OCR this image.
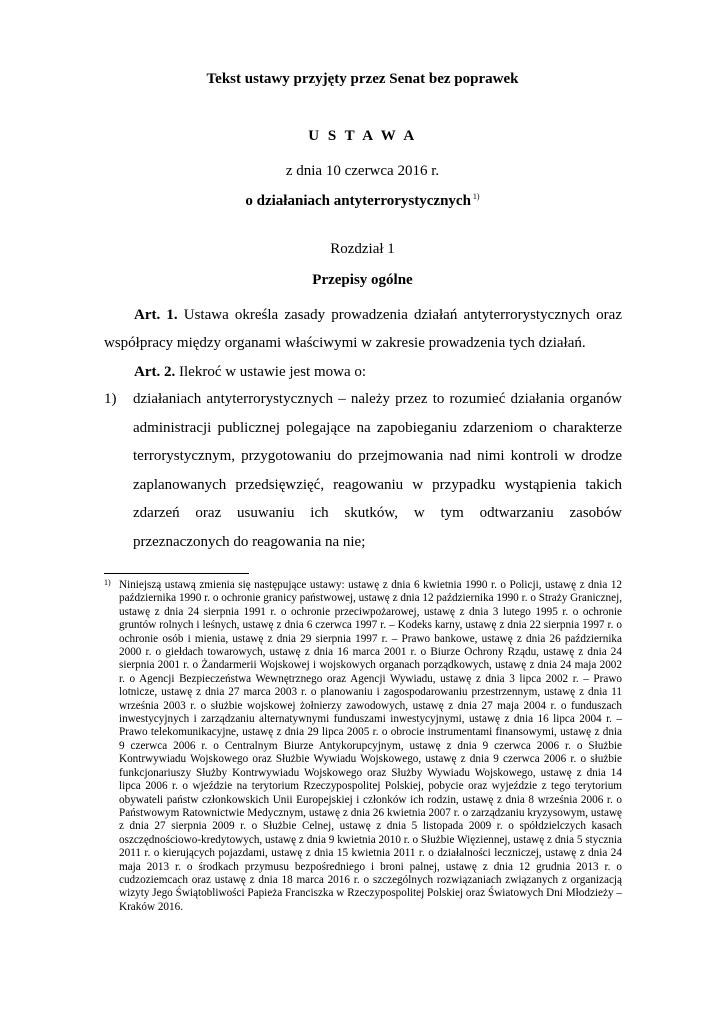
Tekst ustawy przyjęty przez Senat bez poprawek

U S T A W A

z dnia 10 czerwca 2016 r.

o działaniach antyterrorystycznych $^{1)}$

Rozdział 1

Przepisy ogólne

Art. 1. Ustawa określa zasady prowadzenia działań antyterrorystycznych oraz współpracy między organami właściwymi w zakresie prowadzenia tych działań.

Art. 2. Ilekroć w ustawie jest mowa o:

1) działaniach antyterrorystycznych – należy przez to rozumieć działania organów administracji publicznej polegające na zapobieganiu zdarzeniom o charakterze terrorystycznym, przygotowaniu do przejmowania nad nimi kontroli w drodze zaplanowanych przedsięwzięć, reagowaniu w przypadku wystąpienia takich zdarzeń oraz usuwaniu ich skutków, w tym odtwarzaniu zasobów przeznaczonych do reagowania na nie;

1) Niniejszą ustawą zmienia się następujące ustawy: ustawę z dnia 6 kwietnia 1990 r. o Policji, ustawę z dnia 12 października 1990 r. o ochronie granicy państwowej, ustawę z dnia 12 października 1990 r. o Straży Granicznej, ustawę z dnia 24 sierpnia 1991 r. o ochronie przeciwpożarowej, ustawę z dnia 3 lutego 1995 r. o ochronie gruntów rolnych i leśnych, ustawę z dnia 6 czerwca 1997 r. – Kodeks karny, ustawę z dnia 22 sierpnia 1997 r. o ochronie osób i mienia, ustawę z dnia 29 sierpnia 1997 r. – Prawo bankowe, ustawę z dnia 26 października 2000 r. o giełdach towarowych, ustawę z dnia 16 marca 2001 r. o Biurze Ochrony Rządu, ustawę z dnia 24 sierpnia 2001 r. o Żandarmerii Wojskowej i wojskowych organach porządkowych, ustawę z dnia 24 maja 2002 r. o Agencji Bezpieczeństwa Wewnętrznego oraz Agencji Wywiadu, ustawę z dnia 3 lipca 2002 r. – Prawo lotnicze, ustawę z dnia 27 marca 2003 r. o planowaniu i zagospodarowaniu przestrzennym, ustawę z dnia 11 września 2003 r. o służbie wojskowej żołnierzy zawodowych, ustawę z dnia 27 maja 2004 r. o funduszach inwestycyjnych i zarządzaniu alternatywnymi funduszami inwestycyjnymi, ustawę z dnia 16 lipca 2004 r. – Prawo telekomunikacyjne, ustawę z dnia 29 lipca 2005 r. o obrocie instrumentami finansowymi, ustawę z dnia 9 czerwca 2006 r. o Centralnym Biurze Antykorupcyjnym, ustawę z dnia 9 czerwca 2006 r. o Służbie Kontrwywiadu Wojskowego oraz Służbie Wywiadu Wojskowego, ustawę z dnia 9 czerwca 2006 r. o służbie funkcjonariuszy Służby Kontrwywiadu Wojskowego oraz Służby Wywiadu Wojskowego, ustawę z dnia 14 lipca 2006 r. o wjeździe na terytorium Rzeczypospolitej Polskiej, pobycie oraz wyjeździe z tego terytorium obywateli państw członkowskich Unii Europejskiej i członków ich rodzin, ustawę z dnia 8 września 2006 r. o Państwowym Ratownictwie Medycznym, ustawę z dnia 26 kwietnia 2007 r. o zarządzaniu kryzysowym, ustawę z dnia 27 sierpnia 2009 r. o Służbie Celnej, ustawę z dnia 5 listopada 2009 r. o spółdzielczych kasach oszczędnościowo-kredytowych, ustawę z dnia 9 kwietnia 2010 r. o Służbie Więziennej, ustawę z dnia 5 stycznia 2011 r. o kierujących pojazdami, ustawę z dnia 15 kwietnia 2011 r. o działalności leczniczej, ustawę z dnia 24 maja 2013 r. o środkach przymusu bezpośredniego i broni palnej, ustawę z dnia 12 grudnia 2013 r. o cudzoziemcach oraz ustawę z dnia 18 marca 2016 r. o szczególnych rozwiązaniach związanych z organizacją wizyty Jego Świątobliwości Papieża Franciszka w Rzeczypospolitej Polskiej oraz Światowych Dni Młodzieży – Kraków 2016.
